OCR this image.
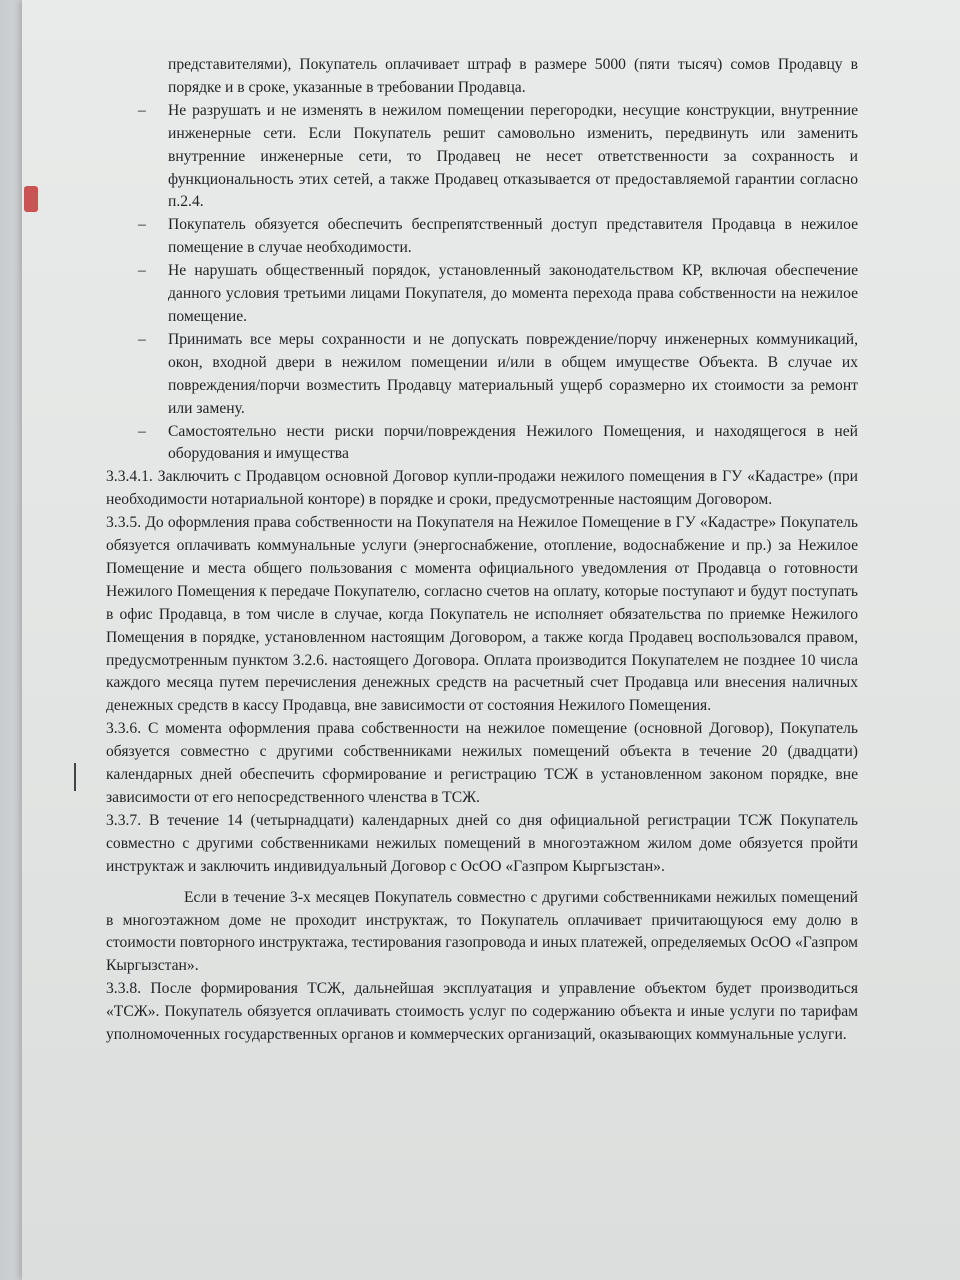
представителями), Покупатель оплачивает штраф в размере 5000 (пяти тысяч) сомов Продавцу в порядке и в сроке, указанные в требовании Продавца.

– Не разрушать и не изменять в нежилом помещении перегородки, несущие конструкции, внутренние инженерные сети. Если Покупатель решит самовольно изменить, передвинуть или заменить внутренние инженерные сети, то Продавец не несет ответственности за сохранность и функциональность этих сетей, а также Продавец отказывается от предоставляемой гарантии согласно п.2.4.

– Покупатель обязуется обеспечить беспрепятственный доступ представителя Продавца в нежилое помещение в случае необходимости.

– Не нарушать общественный порядок, установленный законодательством КР, включая обеспечение данного условия третьими лицами Покупателя, до момента перехода права собственности на нежилое помещение.

– Принимать все меры сохранности и не допускать повреждение/порчу инженерных коммуникаций, окон, входной двери в нежилом помещении и/или в общем имуществе Объекта. В случае их повреждения/порчи возместить Продавцу материальный ущерб соразмерно их стоимости за ремонт или замену.

– Самостоятельно нести риски порчи/повреждения Нежилого Помещения, и находящегося в ней оборудования и имущества

3.3.4.1. Заключить с Продавцом основной Договор купли-продажи нежилого помещения в ГУ «Кадастре» (при необходимости нотариальной конторе) в порядке и сроки, предусмотренные настоящим Договором.

3.3.5. До оформления права собственности на Покупателя на Нежилое Помещение в ГУ «Кадастре» Покупатель обязуется оплачивать коммунальные услуги (энергоснабжение, отопление, водоснабжение и пр.) за Нежилое Помещение и места общего пользования с момента официального уведомления от Продавца о готовности Нежилого Помещения к передаче Покупателю, согласно счетов на оплату, которые поступают и будут поступать в офис Продавца, в том числе в случае, когда Покупатель не исполняет обязательства по приемке Нежилого Помещения в порядке, установленном настоящим Договором, а также когда Продавец воспользовался правом, предусмотренным пунктом 3.2.6. настоящего Договора. Оплата производится Покупателем не позднее 10 числа каждого месяца путем перечисления денежных средств на расчетный счет Продавца или внесения наличных денежных средств в кассу Продавца, вне зависимости от состояния Нежилого Помещения.

3.3.6. С момента оформления права собственности на нежилое помещение (основной Договор), Покупатель обязуется совместно с другими собственниками нежилых помещений объекта в течение 20 (двадцати) календарных дней обеспечить сформирование и регистрацию ТСЖ в установленном законом порядке, вне зависимости от его непосредственного членства в ТСЖ.

3.3.7. В течение 14 (четырнадцати) календарных дней со дня официальной регистрации ТСЖ Покупатель совместно с другими собственниками нежилых помещений в многоэтажном жилом доме обязуется пройти инструктаж и заключить индивидуальный Договор с ОсОО «Газпром Кыргызстан».

Если в течение 3-х месяцев Покупатель совместно с другими собственниками нежилых помещений в многоэтажном доме не проходит инструктаж, то Покупатель оплачивает причитающуюся ему долю в стоимости повторного инструктажа, тестирования газопровода и иных платежей, определяемых ОсОО «Газпром Кыргызстан».

3.3.8. После формирования ТСЖ, дальнейшая эксплуатация и управление объектом будет производиться «ТСЖ». Покупатель обязуется оплачивать стоимость услуг по содержанию объекта и иные услуги по тарифам уполномоченных государственных органов и коммерческих организаций, оказывающих коммунальные услуги.
